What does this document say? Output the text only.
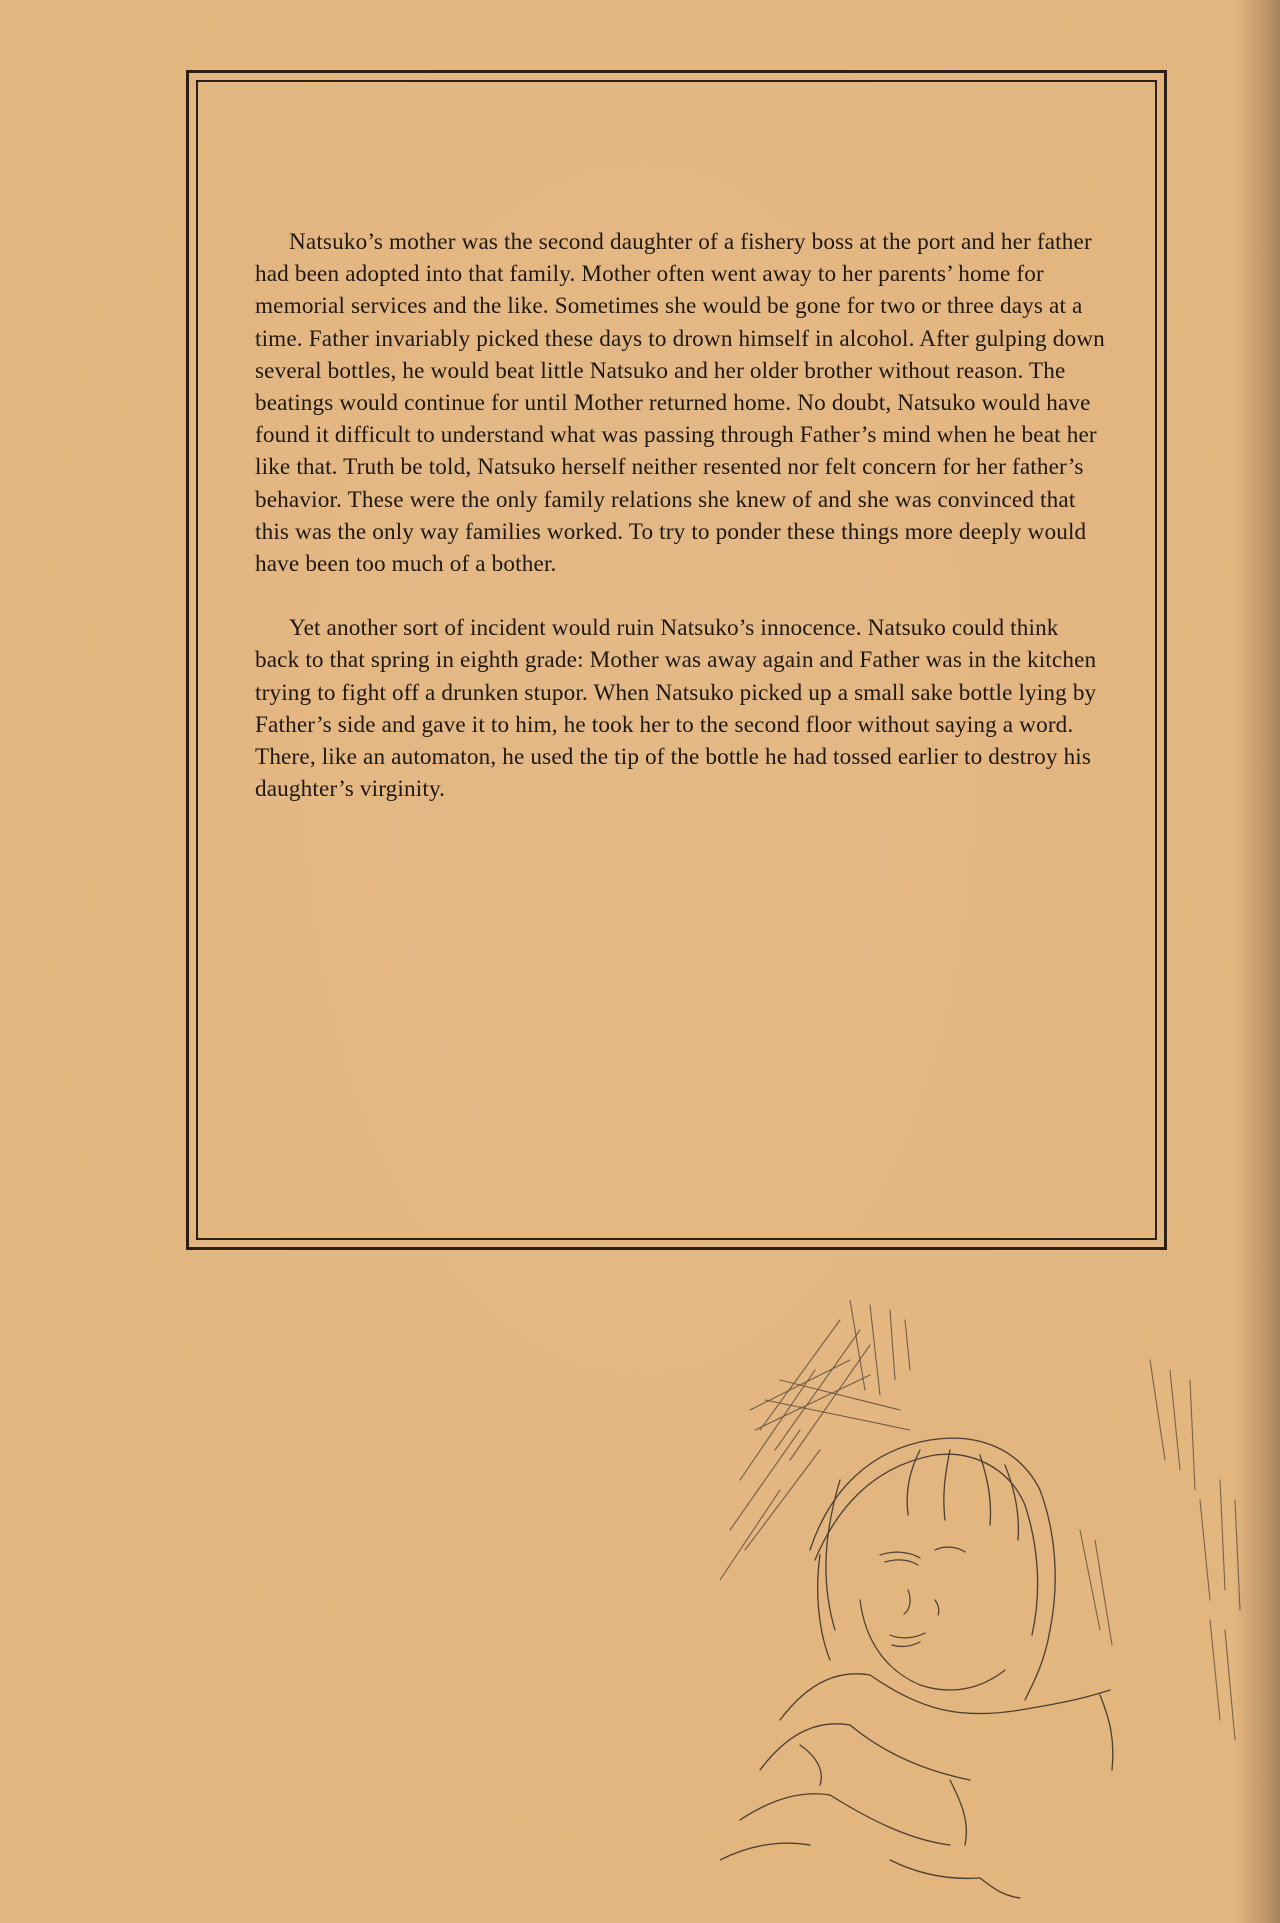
Natsuko’s mother was the second daughter of a fishery boss at the port and her father had been adopted into that family. Mother often went away to her parents’ home for memorial services and the like. Sometimes she would be gone for two or three days at a time. Father invariably picked these days to drown himself in alcohol. After gulping down several bottles, he would beat little Natsuko and her older brother without reason. The beatings would continue for until Mother returned home. No doubt, Natsuko would have found it difficult to understand what was passing through Father’s mind when he beat her like that. Truth be told, Natsuko herself neither resented nor felt concern for her father’s behavior. These were the only family relations she knew of and she was convinced that this was the only way families worked. To try to ponder these things more deeply would have been too much of a bother.

Yet another sort of incident would ruin Natsuko’s innocence. Natsuko could think back to that spring in eighth grade: Mother was away again and Father was in the kitchen trying to fight off a drunken stupor. When Natsuko picked up a small sake bottle lying by Father’s side and gave it to him, he took her to the second floor without saying a word. There, like an automaton, he used the tip of the bottle he had tossed earlier to destroy his daughter’s virginity.
